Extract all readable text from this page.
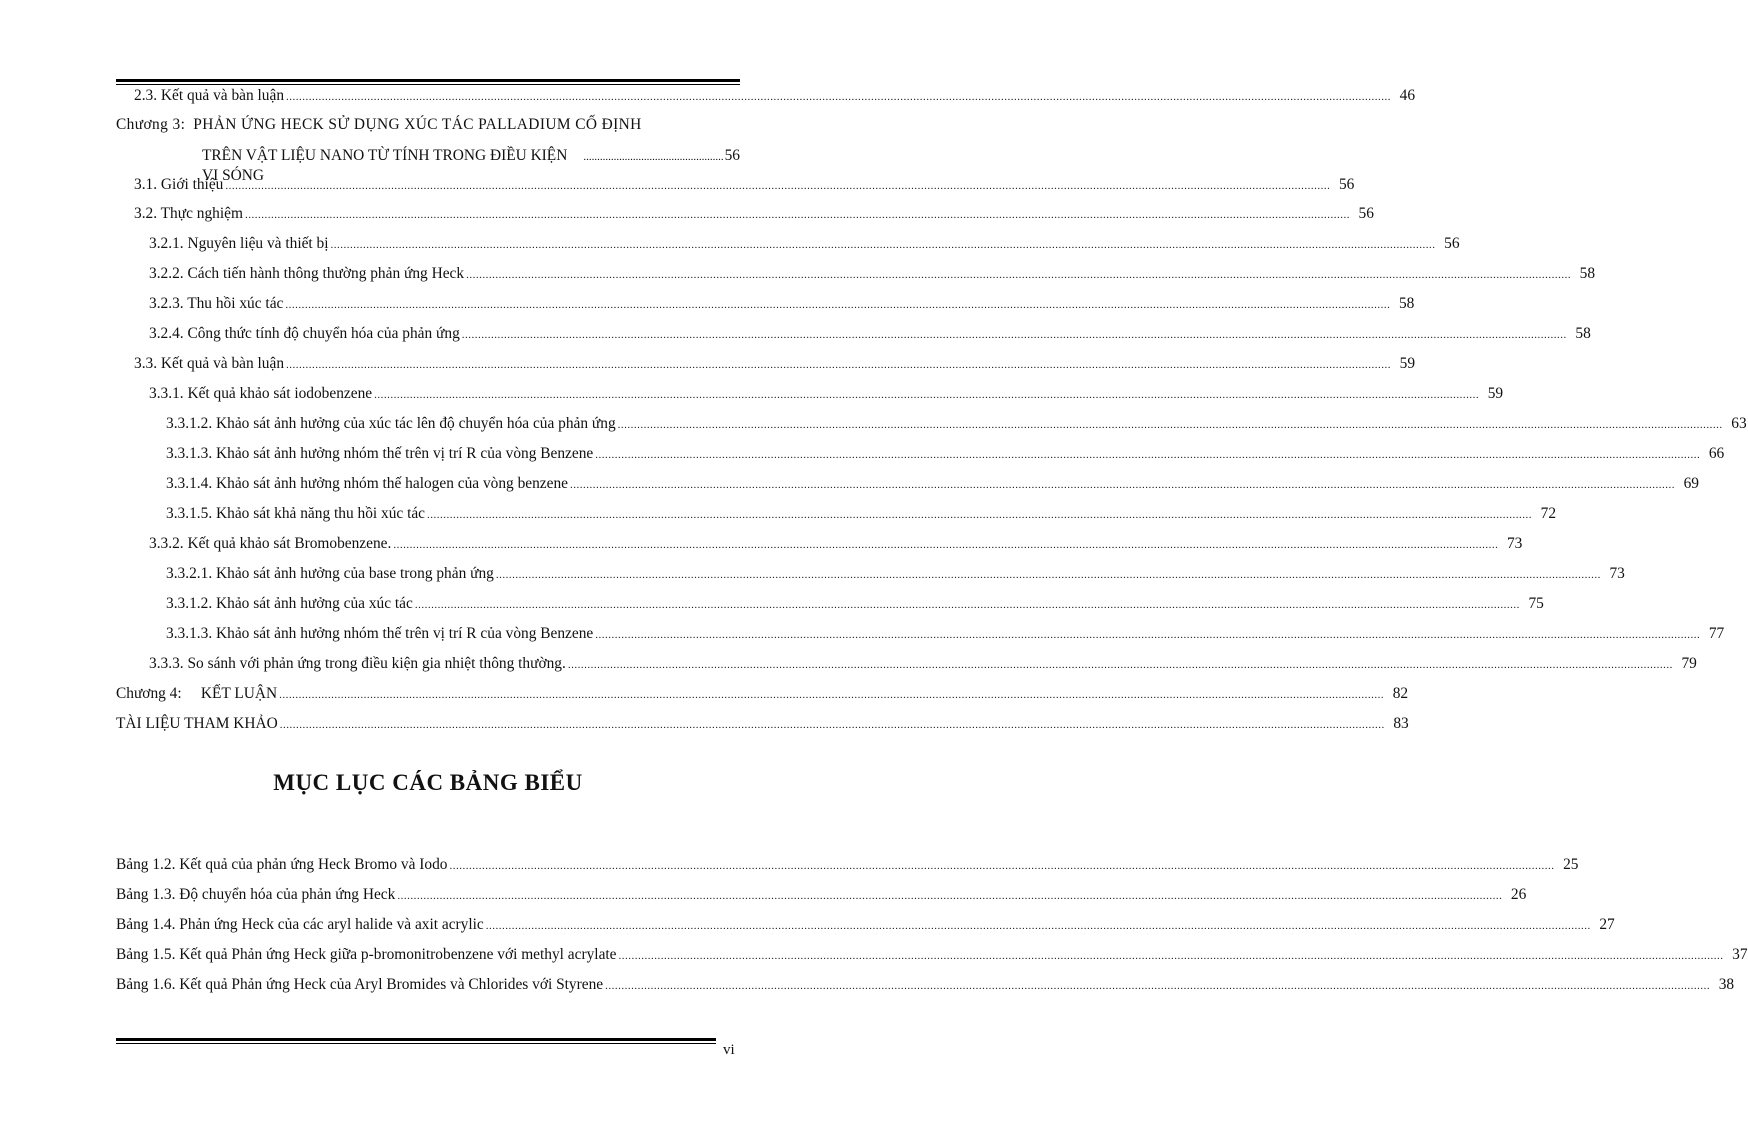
2.3. Kết quả và bàn luận .....	46
Chương 3: PHẢN ỨNG HECK SỬ DỤNG XÚC TÁC PALLADIUM CỐ ĐỊNH
TRÊN VẬT LIỆU NANO TỪ TÍNH TRONG ĐIỀU KIỆN VI SÓNG
................................................... 56
3.1. Giới thiệu .....	56
3.2. Thực nghiệm .....	56
3.2.1. Nguyên liệu và thiết bị .....	56
3.2.2. Cách tiến hành thông thường phản ứng Heck .....	58
3.2.3. Thu hồi xúc tác .....	58
3.2.4. Công thức tính độ chuyển hóa của phản ứng .....	58
3.3. Kết quả và bàn luận .....	59
3.3.1. Kết quả khảo sát iodobenzene .....	59
3.3.1.2. Khảo sát ảnh hưởng của xúc tác lên độ chuyển hóa của phản ứng .....	63
3.3.1.3. Khảo sát ảnh hưởng nhóm thế trên vị trí R của vòng Benzene .....	66
3.3.1.4. Khảo sát ảnh hưởng nhóm thế halogen của vòng benzene .....	69
3.3.1.5. Khảo sát khả năng thu hồi xúc tác .....	72
3.3.2. Kết quả khảo sát Bromobenzene. .....	73
3.3.2.1. Khảo sát ảnh hưởng của base trong phản ứng .....	73
3.3.1.2. Khảo sát ảnh hưởng của xúc tác .....	75
3.3.1.3. Khảo sát ảnh hưởng nhóm thế trên vị trí R của vòng Benzene .....	77
3.3.3. So sánh với phản ứng trong điều kiện gia nhiệt thông thường. .....	79
Chương 4:     KẾT LUẬN .....	82
TÀI LIỆU THAM KHẢO .....	83
MỤC LỤC CÁC BẢNG BIỂU
Bảng 1.2. Kết quả của phản ứng Heck Bromo và Iodo .....	25
Bảng 1.3. Độ chuyển hóa của phản ứng Heck .....	26
Bảng 1.4. Phản ứng Heck của các aryl halide và axit acrylic .....	27
Bảng 1.5. Kết quả Phản ứng Heck giữa p-bromonitrobenzene với methyl acrylate .....	37
Bảng 1.6. Kết quả Phản ứng Heck của Aryl Bromides và Chlorides với Styrene .....	38
vi
